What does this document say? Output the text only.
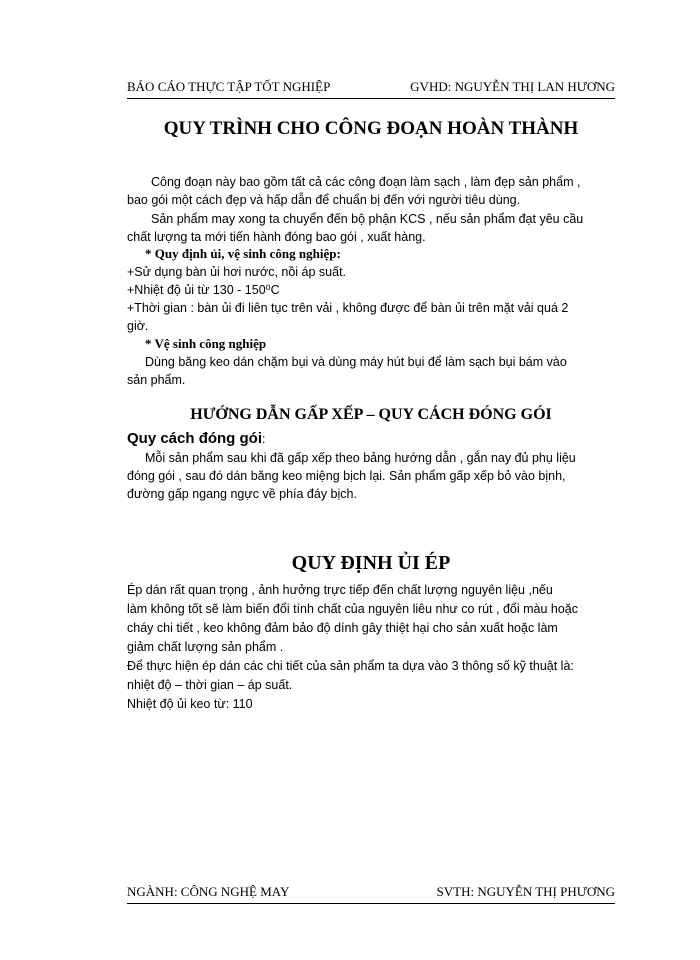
BÁO CÁO THỰC TẬP TỐT NGHIỆP	GVHD: NGUYỄN THỊ LAN HƯƠNG
QUY TRÌNH CHO CÔNG ĐOẠN HOÀN THÀNH
Công đoạn này bao gồm tất cả các công đoạn làm sạch , làm đẹp sản phẩm ,
bao gói một cách đẹp và hấp dẫn để chuẩn bị đến với người tiêu dùng.
Sản phẩm may xong ta chuyển đến bộ phận KCS , nếu sản phẩm đạt yêu cầu
chất lượng ta mới tiến hành đóng bao gói , xuất hàng.
* Quy định ủi, vệ sinh công nghiệp:
+Sử dụng bàn ủi hơi nước, nồi áp suất.
+Nhiệt độ ủi từ 130 - 150⁰C
+Thời gian : bàn ủi đi liên tục trên vải , không được để bàn ủi trên mặt vải quá 2
giờ.
* Vệ sinh công nghiệp
Dùng băng keo dán chặm bụi và dùng máy hút bụi để làm sạch bụi bám vào
sản phẩm.
HƯỚNG DẪN GẤP XẾP – QUY CÁCH ĐÓNG GÓI
Quy cách đóng gói:
Mỗi sản phẩm sau khi đã gấp xếp theo bảng hướng dẫn , gắn nay đủ phụ liệu
đóng gói , sau đó dán băng keo miệng bịch lại. Sản phẩm gấp xếp bỏ vào bịnh,
đường gấp ngang ngực về phía đáy bịch.
QUY ĐỊNH ỦI ÉP
Ép dán rất quan trọng , ảnh hưởng trực tiếp đến chất lượng nguyên liệu ,nếu
làm không tốt sẽ làm biến đổi tính chất của nguyên liêu như co rút , đổi màu hoặc
cháy chi tiết , keo không đảm bảo độ dính gây thiệt hại cho sản xuất hoặc làm
giảm chất lượng sản phẩm .
Để thực hiện ép dán các chi tiết của sản phẩm ta dựa vào 3 thông số kỹ thuật là:
nhiệt độ – thời gian – áp suất.
Nhiệt độ ủi keo từ: 110
NGÀNH: CÔNG NGHỆ MAY	SVTH: NGUYỄN THỊ PHƯƠNG
